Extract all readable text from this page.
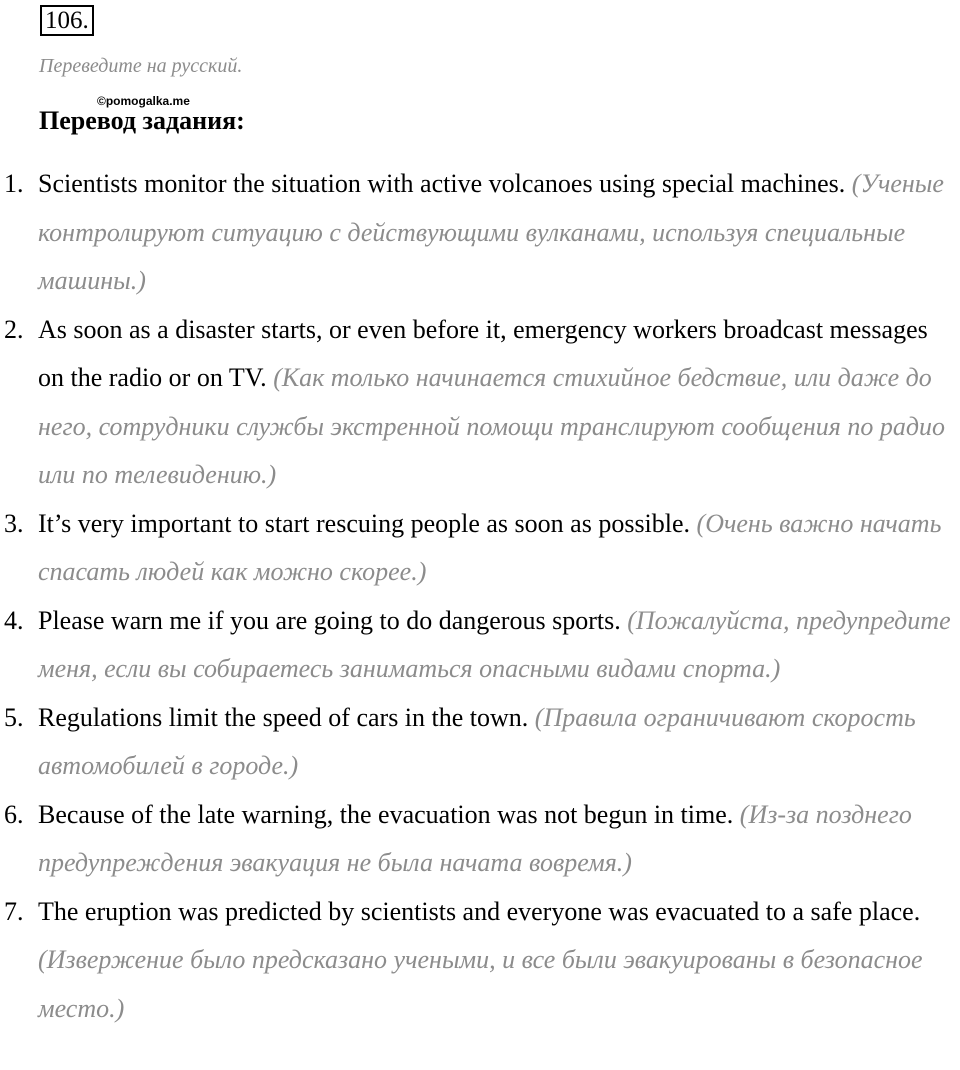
106.
Переведите на русский.
©pomogalka.me
Перевод задания:
1. Scientists monitor the situation with active volcanoes using special machines. (Ученые контролируют ситуацию с действующими вулканами, используя специальные машины.)
2. As soon as a disaster starts, or even before it, emergency workers broadcast messages on the radio or on TV. (Как только начинается стихийное бедствие, или даже до него, сотрудники службы экстренной помощи транслируют сообщения по радио или по телевидению.)
3. It’s very important to start rescuing people as soon as possible. (Очень важно начать спасать людей как можно скорее.)
4. Please warn me if you are going to do dangerous sports. (Пожалуйста, предупредите меня, если вы собираетесь заниматься опасными видами спорта.)
5. Regulations limit the speed of cars in the town. (Правила ограничивают скорость автомобилей в городе.)
6. Because of the late warning, the evacuation was not begun in time. (Из-за позднего предупреждения эвакуация не была начата вовремя.)
7. The eruption was predicted by scientists and everyone was evacuated to a safe place. (Извержение было предсказано учеными, и все были эвакуированы в безопасное место.)
